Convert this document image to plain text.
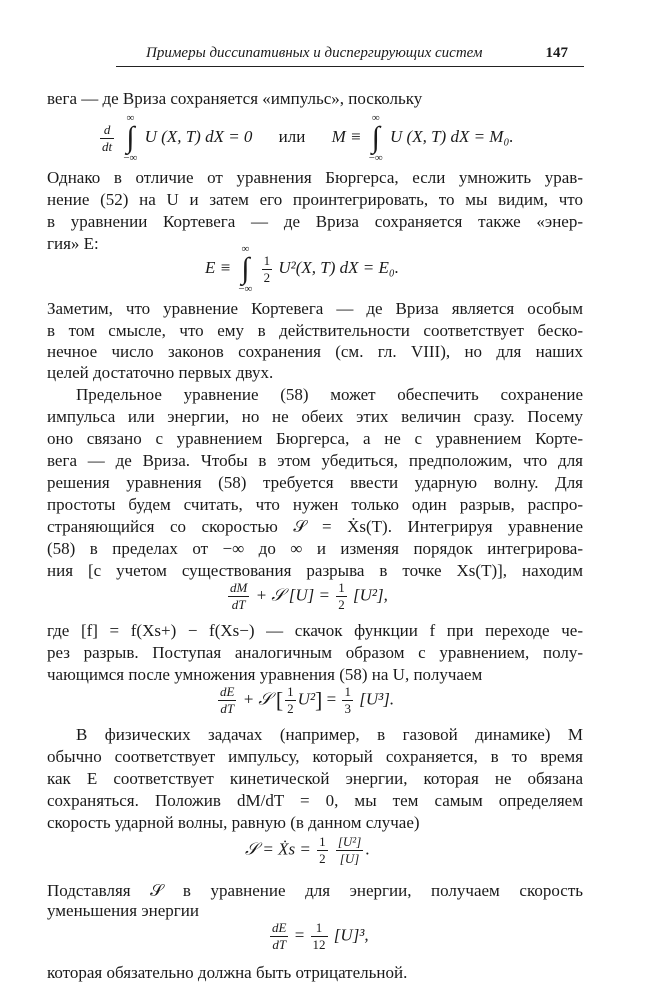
Примеры диссипативных и диспергирующих систем	147
вега — де Вриза сохраняется «импульс», поскольку
$\frac{d}{dt}$

∞
∫
−∞
U (X, T) dX = 0 или M ≡
∞
∫
−∞
U (X, T) dX = M₀.
Однако в отличие от уравнения Бюргерса, если умножить урав-
нение (52) на U и затем его проинтегрировать, то мы видим, что
в уравнении Кортевега — де Вриза сохраняется также «энер-
гия» E:
E ≡
∞
∫
−∞

$\frac{1}{2} U^2(X$, T) dX = E₀.
Заметим, что уравнение Кортевега — де Вриза является особым
в том смысле, что ему в действительности соответствует беско-
нечное число законов сохранения (см. гл. VIII), но для наших
целей достаточно первых двух.
Предельное уравнение (58) может обеспечить сохранение
импульса или энергии, но не обеих этих величин сразу. Посему
оно связано с уравнением Бюргерса, а не с уравнением Корте-
вега — де Вриза. Чтобы в этом убедиться, предположим, что для
решения уравнения (58) требуется ввести ударную волну. Для
простоты будем считать, что нужен только один разрыв, распро-
страняющийся со скоростью 𝒮 = Ẋs(T). Интегрируя уравнение
(58) в пределах от −∞ до ∞ и изменяя порядок интегрирова-
ния [с учетом существования разрыва в точке Xs(T)], находим
$\frac{dM}{dT}$ + 𝒮 $[U] = \frac{1}{2} [U^2]$,
где [f] = f(Xs+) − f(Xs−) — скачок функции f при переходе че-
рез разрыв. Поступая аналогичным образом с уравнением, полу-
чающимся после умножения уравнения (58) на U, получаем
$\frac{dE}{dT}$ + 𝒮 [ $\frac{1}{2} U^2] = \frac{1}{3} [U^3]$.
В физических задачах (например, в газовой динамике) M
обычно соответствует импульсу, который сохраняется, в то время
как E соответствует кинетической энергии, которая не обязана
сохраняться. Положив dM/dT = 0, мы тем самым определяем
скорость ударной волны, равную (в данном случае)
𝒮 = Ẋs = $\frac{1}{2}$
$\frac{\text{[U²]}}{[U]}$ .
Подставляя 𝒮 в уравнение для энергии, получаем скорость
уменьшения энергии
$\frac{dE}{dT} = \frac{1}{12} [U]^3$,
которая обязательно должна быть отрицательной.
